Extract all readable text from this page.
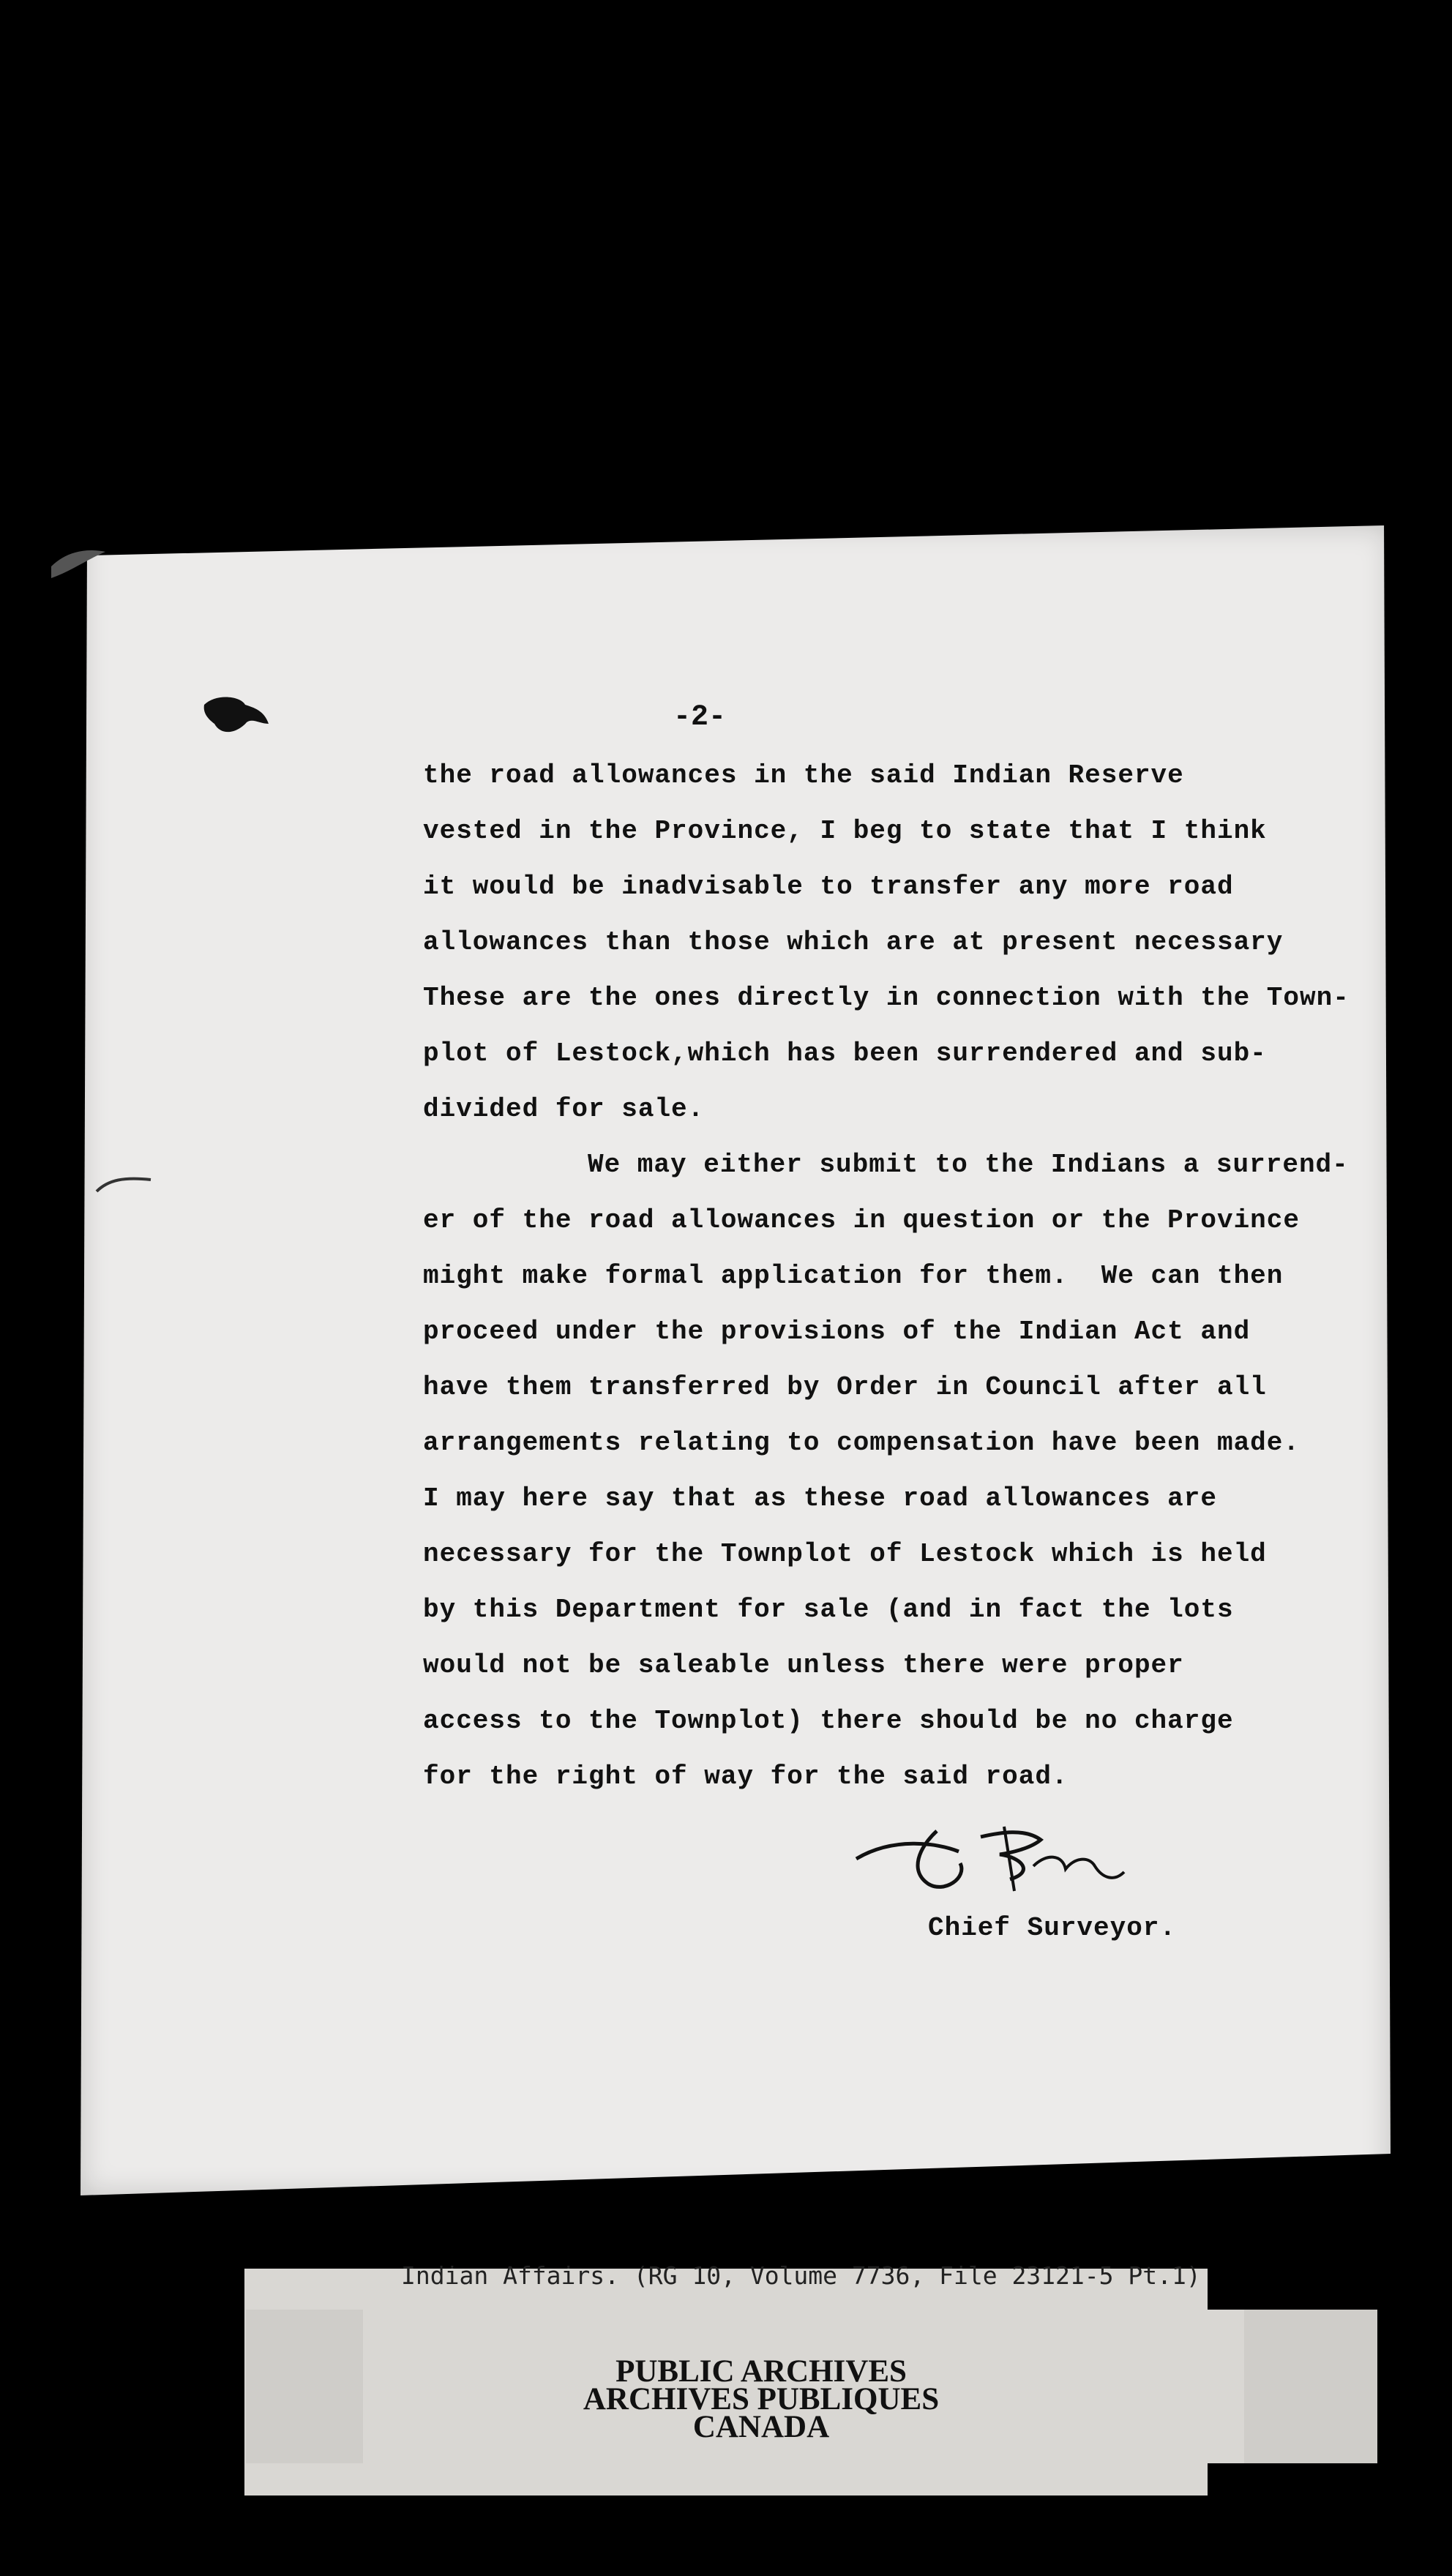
-2-
the road allowances in the said Indian Reserve
vested in the Province, I beg to state that I think
it would be inadvisable to transfer any more road
allowances than those which are at present necessary
These are the ones directly in connection with the Town-
plot of Lestock,which has been surrendered and sub-
divided for sale.
We may either submit to the Indians a surrend-
er of the road allowances in question or the Province
might make formal application for them.  We can then
proceed under the provisions of the Indian Act and
have them transferred by Order in Council after all
arrangements relating to compensation have been made.
I may here say that as these road allowances are
necessary for the Townplot of Lestock which is held
by this Department for sale (and in fact the lots
would not be saleable unless there were proper
access to the Townplot) there should be no charge
for the right of way for the said road.
Chief Surveyor.
Indian Affairs. (RG 10, Volume 7736, File 23121-5 Pt.1)
PUBLIC ARCHIVES
ARCHIVES PUBLIQUES
CANADA
